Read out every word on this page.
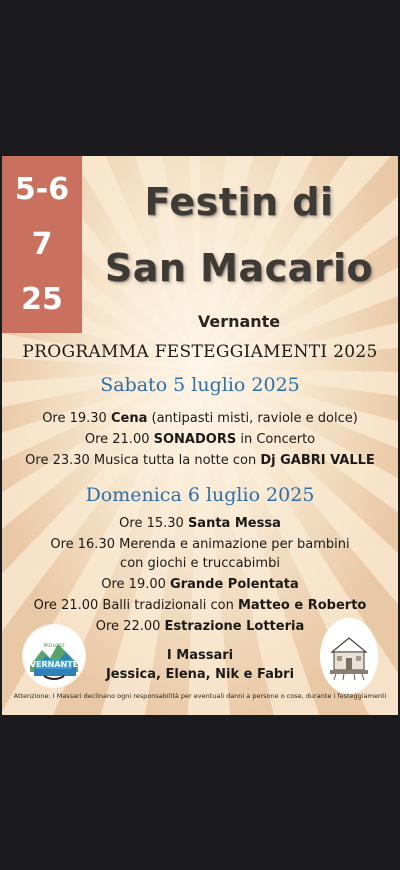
5-6
7
25
Festin di
San Macario
Vernante
PROGRAMMA FESTEGGIAMENTI 2025
Sabato 5 luglio 2025
Ore 19.30 Cena (antipasti misti, raviole e dolce)
Ore 21.00 SONADORS in Concerto
Ore 23.30 Musica tutta la notte con Dj GABRI VALLE
Domenica 6 luglio 2025
Ore 15.30 Santa Messa
Ore 16.30 Merenda e animazione per bambini
con giochi e truccabimbi
Ore 19.00 Grande Polentata
Ore 21.00 Balli tradizionali con Matteo e Roberto
Ore 22.00 Estrazione Lotteria
PRO LOCO
VERNANTE
I Massari
Jessica, Elena, Nik e Fabri
Attenzione: I Massari declinano ogni responsabilità per eventuali danni a persone o cose, durante i festeggiamenti
